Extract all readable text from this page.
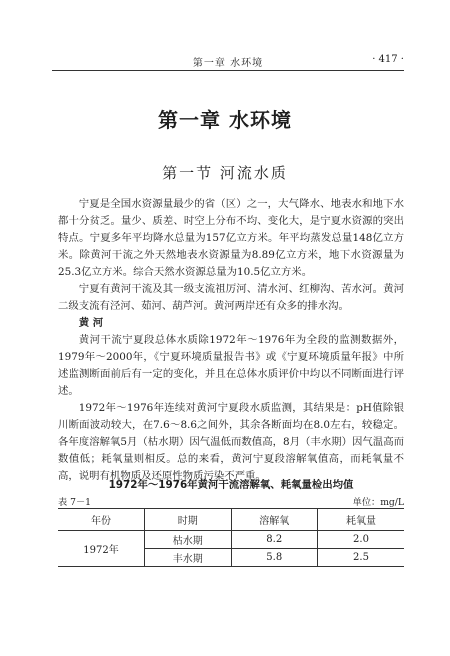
第一章 水环境	· 417 ·
第一章 水环境
第一节 河流水质

宁夏是全国水资源量最少的省（区）之一，大气降水、地表水和地下水都十分贫乏。量少、质差、时空上分布不均、变化大，是宁夏水资源的突出特点。宁夏多年平均降水总量为157亿立方米。年平均蒸发总量148亿立方米。除黄河干流之外天然地表水资源量为8.89亿立方米，地下水资源量为25.3亿立方米。综合天然水资源总量为10.5亿立方米。

宁夏有黄河干流及其一级支流祖厉河、清水河、红柳沟、苦水河。黄河二级支流有泾河、茹河、葫芦河。黄河两岸还有众多的排水沟。

黄 河

黄河干流宁夏段总体水质除1972年～1976年为全段的监测数据外，1979年～2000年，《宁夏环境质量报告书》或《宁夏环境质量年报》中所述监测断面前后有一定的变化，并且在总体水质评价中均以不同断面进行评述。

1972年～1976年连续对黄河宁夏段水质监测，其结果是：pH值除银川断面波动较大，在7.6～8.6之间外，其余各断面均在8.0左右，较稳定。各年度溶解氧5月（枯水期）因气温低而数值高，8月（丰水期）因气温高而数值低；耗氧量则相反。总的来看，黄河宁夏段溶解氧值高，而耗氧量不高，说明有机物质及还原性物质污染不严重。

1972年～1976年黄河干流溶解氧、耗氧量检出均值
表 7－1	单位：mg/L
年份	时期	溶解氧	耗氧量
1972年	枯水期	8.2	2.0
	丰水期	5.8	2.5
